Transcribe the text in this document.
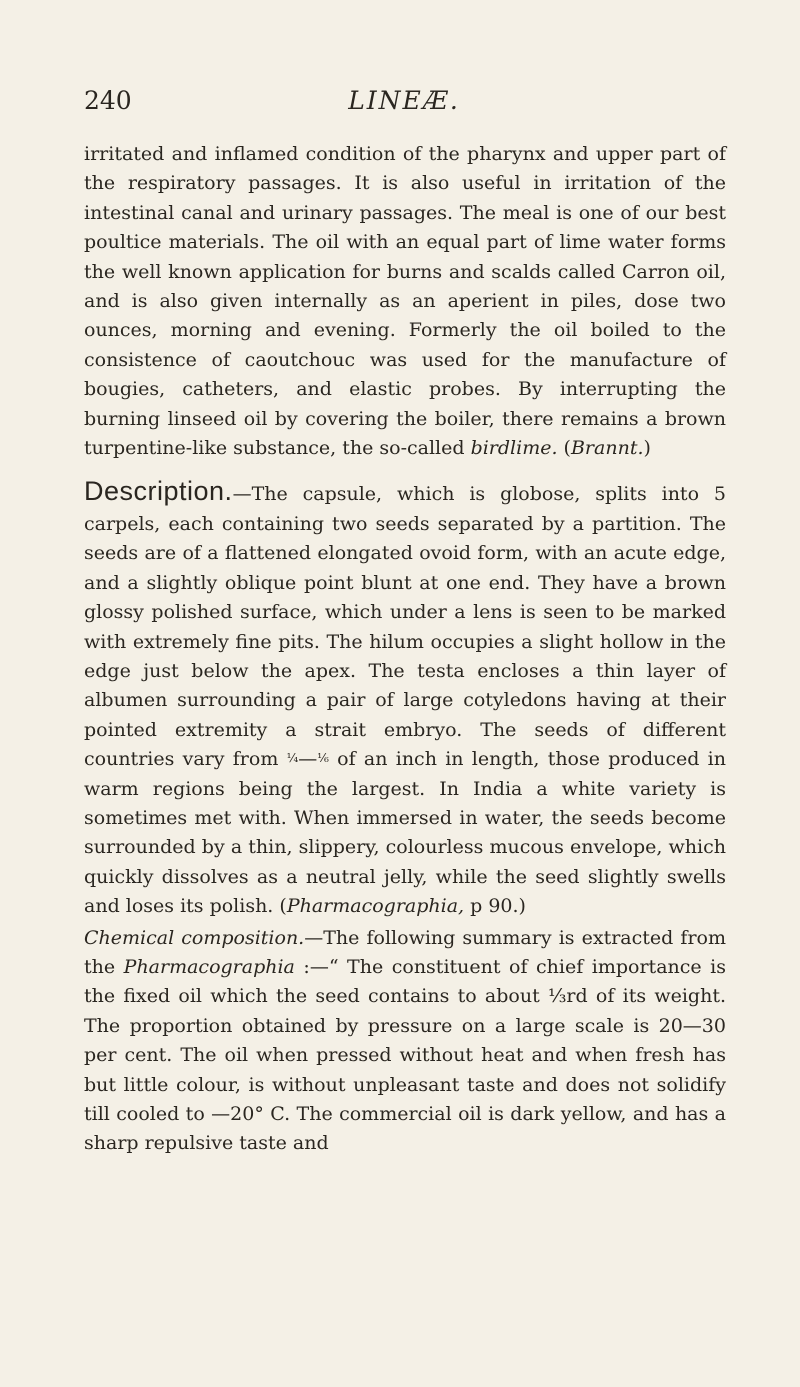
240	LINEÆ.

irritated and inflamed condition of the pharynx and upper part of the respiratory passages. It is also useful in irritation of the intestinal canal and urinary passages. The meal is one of our best poultice materials. The oil with an equal part of lime water forms the well known application for burns and scalds called Carron oil, and is also given internally as an aperient in piles, dose two ounces, morning and evening. Formerly the oil boiled to the consistence of caoutchouc was used for the manufacture of bougies, catheters, and elastic probes. By interrupting the burning linseed oil by covering the boiler, there remains a brown turpentine-like substance, the so-called birdlime. (Brannt.)

Description.—The capsule, which is globose, splits into 5 carpels, each containing two seeds separated by a partition. The seeds are of a flattened elongated ovoid form, with an acute edge, and a slightly oblique point blunt at one end. They have a brown glossy polished surface, which under a lens is seen to be marked with extremely fine pits. The hilum occupies a slight hollow in the edge just below the apex. The testa encloses a thin layer of albumen surrounding a pair of large cotyledons having at their pointed extremity a strait embryo. The seeds of different countries vary from ¼—⅙ of an inch in length, those produced in warm regions being the largest. In India a white variety is sometimes met with. When immersed in water, the seeds become surrounded by a thin, slippery, colourless mucous envelope, which quickly dissolves as a neutral jelly, while the seed slightly swells and loses its polish. (Pharmacographia, p 90.)

Chemical composition.—The following summary is extracted from the Pharmacographia :—“ The constituent of chief importance is the fixed oil which the seed contains to about ⅓rd of its weight. The proportion obtained by pressure on a large scale is 20—30 per cent. The oil when pressed without heat and when fresh has but little colour, is without unpleasant taste and does not solidify till cooled to —20° C. The commercial oil is dark yellow, and has a sharp repulsive taste and
